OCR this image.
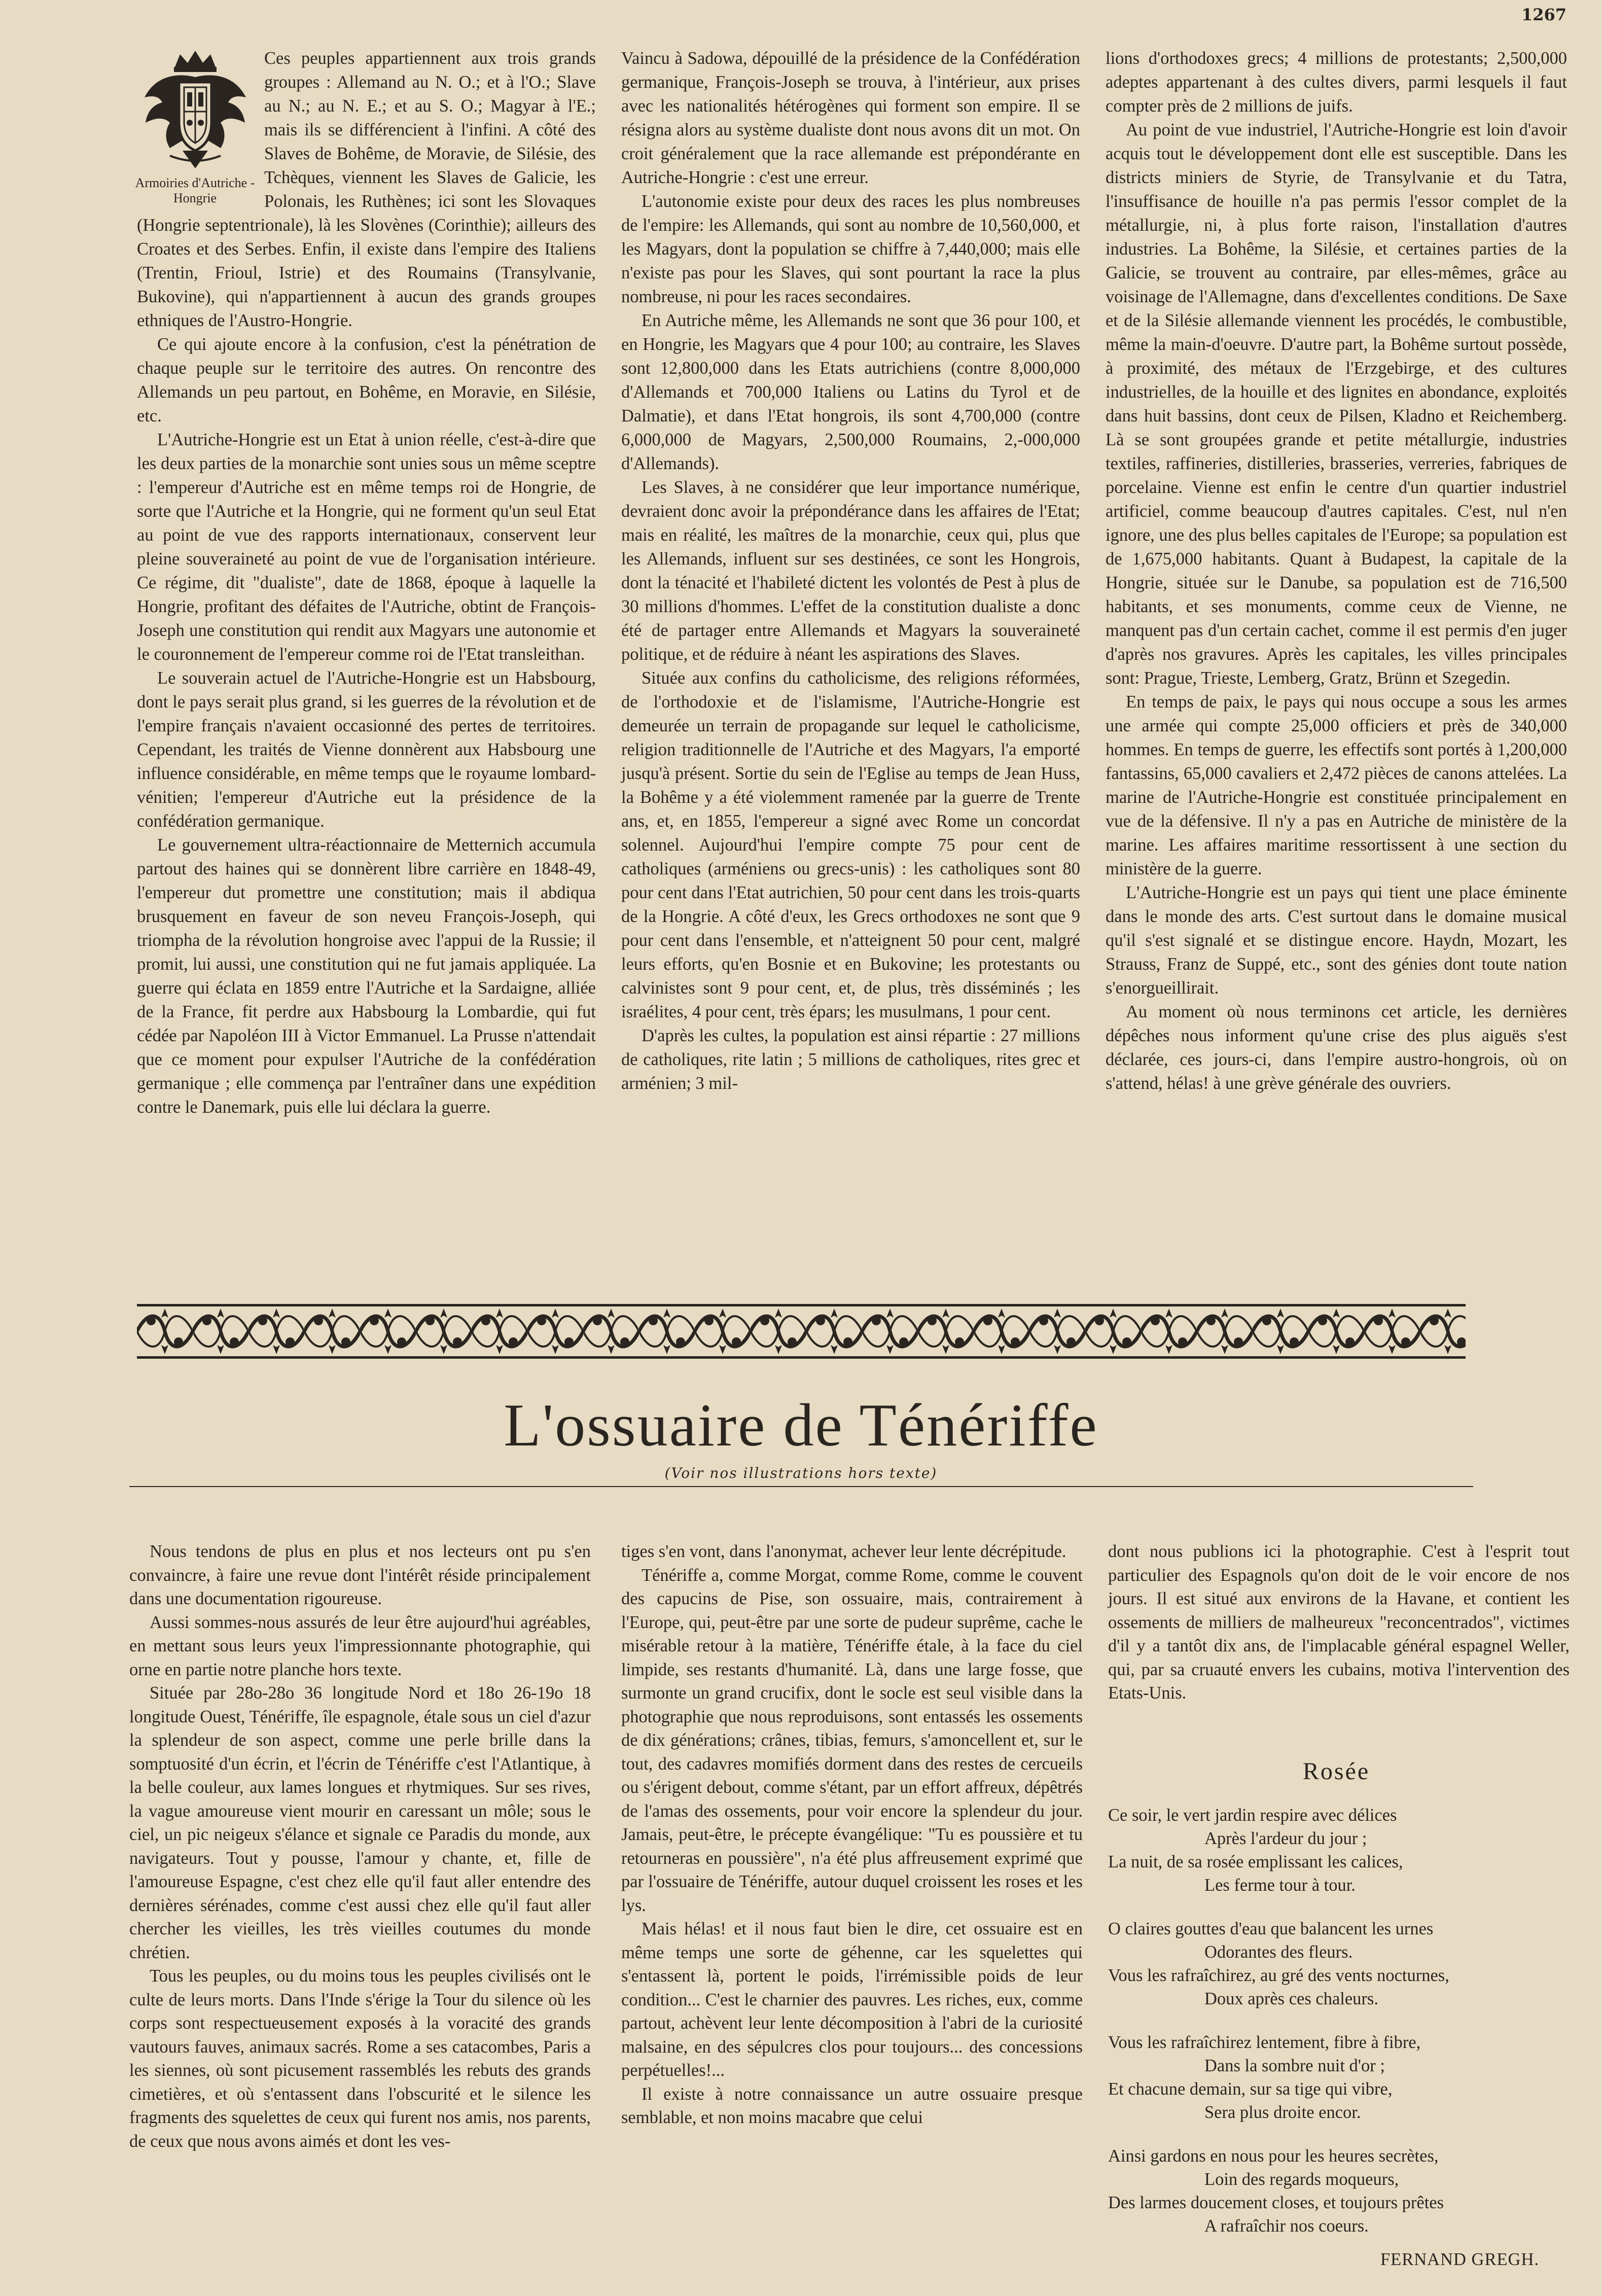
1267
Armoiries d'Autriche - Hongrie

Ces peuples appartiennent aux trois grands groupes : Allemand au N. O.; et à l'O.; Slave au N.; au N. E.; et au S. O.; Magyar à l'E.; mais ils se différencient à l'infini. A côté des Slaves de Bohême, de Moravie, de Silésie, des Tchèques, viennent les Slaves de Galicie, les Polonais, les Ruthènes; ici sont les Slovaques (Hongrie septentrionale), là les Slovènes (Corinthie); ailleurs des Croates et des Serbes. Enfin, il existe dans l'empire des Italiens (Trentin, Frioul, Istrie) et des Roumains (Transylvanie, Bukovine), qui n'appartiennent à aucun des grands groupes ethniques de l'Austro-Hongrie.

Ce qui ajoute encore à la confusion, c'est la pénétration de chaque peuple sur le territoire des autres. On rencontre des Allemands un peu partout, en Bohême, en Moravie, en Silésie, etc.

L'Autriche-Hongrie est un Etat à union réelle, c'est-à-dire que les deux parties de la monarchie sont unies sous un même sceptre : l'empereur d'Autriche est en même temps roi de Hongrie, de sorte que l'Autriche et la Hongrie, qui ne forment qu'un seul Etat au point de vue des rapports internationaux, conservent leur pleine souveraineté au point de vue de l'organisation intérieure. Ce régime, dit "dualiste", date de 1868, époque à laquelle la Hongrie, profitant des défaites de l'Autriche, obtint de François-Joseph une constitution qui rendit aux Magyars une autonomie et le couronnement de l'empereur comme roi de l'Etat transleithan.

Le souverain actuel de l'Autriche-Hongrie est un Habsbourg, dont le pays serait plus grand, si les guerres de la révolution et de l'empire français n'avaient occasionné des pertes de territoires. Cependant, les traités de Vienne donnèrent aux Habsbourg une influence considérable, en même temps que le royaume lombard-vénitien; l'empereur d'Autriche eut la présidence de la confédération germanique.

Le gouvernement ultra-réactionnaire de Metternich accumula partout des haines qui se donnèrent libre carrière en 1848-49, l'empereur dut promettre une constitution; mais il abdiqua brusquement en faveur de son neveu François-Joseph, qui triompha de la révolution hongroise avec l'appui de la Russie; il promit, lui aussi, une constitution qui ne fut jamais appliquée. La guerre qui éclata en 1859 entre l'Autriche et la Sardaigne, alliée de la France, fit perdre aux Habsbourg la Lombardie, qui fut cédée par Napoléon III à Victor Emmanuel. La Prusse n'attendait que ce moment pour expulser l'Autriche de la confédération germanique ; elle commença par l'entraîner dans une expédition contre le Danemark, puis elle lui déclara la guerre.

Vaincu à Sadowa, dépouillé de la présidence de la Confédération germanique, François-Joseph se trouva, à l'intérieur, aux prises avec les nationalités hétérogènes qui forment son empire. Il se résigna alors au système dualiste dont nous avons dit un mot. On croit généralement que la race allemande est prépondérante en Autriche-Hongrie : c'est une erreur.

L'autonomie existe pour deux des races les plus nombreuses de l'empire: les Allemands, qui sont au nombre de 10,560,000, et les Magyars, dont la population se chiffre à 7,440,000; mais elle n'existe pas pour les Slaves, qui sont pourtant la race la plus nombreuse, ni pour les races secondaires.

En Autriche même, les Allemands ne sont que 36 pour 100, et en Hongrie, les Magyars que 4 pour 100; au contraire, les Slaves sont 12,800,000 dans les Etats autrichiens (contre 8,000,000 d'Allemands et 700,000 Italiens ou Latins du Tyrol et de Dalmatie), et dans l'Etat hongrois, ils sont 4,700,000 (contre 6,000,000 de Magyars, 2,500,000 Roumains, 2,-000,000 d'Allemands).

Les Slaves, à ne considérer que leur importance numérique, devraient donc avoir la prépondérance dans les affaires de l'Etat; mais en réalité, les maîtres de la monarchie, ceux qui, plus que les Allemands, influent sur ses destinées, ce sont les Hongrois, dont la ténacité et l'habileté dictent les volontés de Pest à plus de 30 millions d'hommes. L'effet de la constitution dualiste a donc été de partager entre Allemands et Magyars la souveraineté politique, et de réduire à néant les aspirations des Slaves.

Située aux confins du catholicisme, des religions réformées, de l'orthodoxie et de l'islamisme, l'Autriche-Hongrie est demeurée un terrain de propagande sur lequel le catholicisme, religion traditionnelle de l'Autriche et des Magyars, l'a emporté jusqu'à présent. Sortie du sein de l'Eglise au temps de Jean Huss, la Bohême y a été violemment ramenée par la guerre de Trente ans, et, en 1855, l'empereur a signé avec Rome un concordat solennel. Aujourd'hui l'empire compte 75 pour cent de catholiques (arméniens ou grecs-unis) : les catholiques sont 80 pour cent dans l'Etat autrichien, 50 pour cent dans les trois-quarts de la Hongrie. A côté d'eux, les Grecs orthodoxes ne sont que 9 pour cent dans l'ensemble, et n'atteignent 50 pour cent, malgré leurs efforts, qu'en Bosnie et en Bukovine; les protestants ou calvinistes sont 9 pour cent, et, de plus, très disséminés ; les israélites, 4 pour cent, très épars; les musulmans, 1 pour cent.

D'après les cultes, la population est ainsi répartie : 27 millions de catholiques, rite latin ; 5 millions de catholiques, rites grec et arménien; 3 mil-

lions d'orthodoxes grecs; 4 millions de protestants; 2,500,000 adeptes appartenant à des cultes divers, parmi lesquels il faut compter près de 2 millions de juifs.

Au point de vue industriel, l'Autriche-Hongrie est loin d'avoir acquis tout le développement dont elle est susceptible. Dans les districts miniers de Styrie, de Transylvanie et du Tatra, l'insuffisance de houille n'a pas permis l'essor complet de la métallurgie, ni, à plus forte raison, l'installation d'autres industries. La Bohême, la Silésie, et certaines parties de la Galicie, se trouvent au contraire, par elles-mêmes, grâce au voisinage de l'Allemagne, dans d'excellentes conditions. De Saxe et de la Silésie allemande viennent les procédés, le combustible, même la main-d'oeuvre. D'autre part, la Bohême surtout possède, à proximité, des métaux de l'Erzgebirge, et des cultures industrielles, de la houille et des lignites en abondance, exploités dans huit bassins, dont ceux de Pilsen, Kladno et Reichemberg. Là se sont groupées grande et petite métallurgie, industries textiles, raffineries, distilleries, brasseries, verreries, fabriques de porcelaine. Vienne est enfin le centre d'un quartier industriel artificiel, comme beaucoup d'autres capitales. C'est, nul n'en ignore, une des plus belles capitales de l'Europe; sa population est de 1,675,000 habitants. Quant à Budapest, la capitale de la Hongrie, située sur le Danube, sa population est de 716,500 habitants, et ses monuments, comme ceux de Vienne, ne manquent pas d'un certain cachet, comme il est permis d'en juger d'après nos gravures. Après les capitales, les villes principales sont: Prague, Trieste, Lemberg, Gratz, Brünn et Szegedin.

En temps de paix, le pays qui nous occupe a sous les armes une armée qui compte 25,000 officiers et près de 340,000 hommes. En temps de guerre, les effectifs sont portés à 1,200,000 fantassins, 65,000 cavaliers et 2,472 pièces de canons attelées. La marine de l'Autriche-Hongrie est constituée principalement en vue de la défensive. Il n'y a pas en Autriche de ministère de la marine. Les affaires maritime ressortissent à une section du ministère de la guerre.

L'Autriche-Hongrie est un pays qui tient une place éminente dans le monde des arts. C'est surtout dans le domaine musical qu'il s'est signalé et se distingue encore. Haydn, Mozart, les Strauss, Franz de Suppé, etc., sont des génies dont toute nation s'enorgueillirait.

Au moment où nous terminons cet article, les dernières dépêches nous informent qu'une crise des plus aiguës s'est déclarée, ces jours-ci, dans l'empire austro-hongrois, où on s'attend, hélas! à une grève générale des ouvriers.

L'ossuaire de Ténériffe
(Voir nos illustrations hors texte)

Nous tendons de plus en plus et nos lecteurs ont pu s'en convaincre, à faire une revue dont l'intérêt réside principalement dans une documentation rigoureuse.

Aussi sommes-nous assurés de leur être aujourd'hui agréables, en mettant sous leurs yeux l'impressionnante photographie, qui orne en partie notre planche hors texte.

Située par 28o-28o 36 longitude Nord et 18o 26-19o 18 longitude Ouest, Ténériffe, île espagnole, étale sous un ciel d'azur la splendeur de son aspect, comme une perle brille dans la somptuosité d'un écrin, et l'écrin de Ténériffe c'est l'Atlantique, à la belle couleur, aux lames longues et rhytmiques. Sur ses rives, la vague amoureuse vient mourir en caressant un môle; sous le ciel, un pic neigeux s'élance et signale ce Paradis du monde, aux navigateurs. Tout y pousse, l'amour y chante, et, fille de l'amoureuse Espagne, c'est chez elle qu'il faut aller entendre des dernières sérénades, comme c'est aussi chez elle qu'il faut aller chercher les vieilles, les très vieilles coutumes du monde chrétien.

Tous les peuples, ou du moins tous les peuples civilisés ont le culte de leurs morts. Dans l'Inde s'érige la Tour du silence où les corps sont respectueusement exposés à la voracité des grands vautours fauves, animaux sacrés. Rome a ses catacombes, Paris a les siennes, où sont picusement rassemblés les rebuts des grands cimetières, et où s'entassent dans l'obscurité et le silence les fragments des squelettes de ceux qui furent nos amis, nos parents, de ceux que nous avons aimés et dont les ves-

tiges s'en vont, dans l'anonymat, achever leur lente décrépitude.

Ténériffe a, comme Morgat, comme Rome, comme le couvent des capucins de Pise, son ossuaire, mais, contrairement à l'Europe, qui, peut-être par une sorte de pudeur suprême, cache le misérable retour à la matière, Ténériffe étale, à la face du ciel limpide, ses restants d'humanité. Là, dans une large fosse, que surmonte un grand crucifix, dont le socle est seul visible dans la photographie que nous reproduisons, sont entassés les ossements de dix générations; crânes, tibias, femurs, s'amoncellent et, sur le tout, des cadavres momifiés dorment dans des restes de cercueils ou s'érigent debout, comme s'étant, par un effort affreux, dépêtrés de l'amas des ossements, pour voir encore la splendeur du jour. Jamais, peut-être, le précepte évangélique: "Tu es poussière et tu retourneras en poussière", n'a été plus affreusement exprimé que par l'ossuaire de Ténériffe, autour duquel croissent les roses et les lys.

Mais hélas! et il nous faut bien le dire, cet ossuaire est en même temps une sorte de géhenne, car les squelettes qui s'entassent là, portent le poids, l'irrémissible poids de leur condition... C'est le charnier des pauvres. Les riches, eux, comme partout, achèvent leur lente décomposition à l'abri de la curiosité malsaine, en des sépulcres clos pour toujours... des concessions perpétuelles!...

Il existe à notre connaissance un autre ossuaire presque semblable, et non moins macabre que celui

dont nous publions ici la photographie. C'est à l'esprit tout particulier des Espagnols qu'on doit de le voir encore de nos jours. Il est situé aux environs de la Havane, et contient les ossements de milliers de malheureux "reconcentrados", victimes d'il y a tantôt dix ans, de l'implacable général espagnel Weller, qui, par sa cruauté envers les cubains, motiva l'intervention des Etats-Unis.

Rosée
Ce soir, le vert jardin respire avec délices
Après l'ardeur du jour ;
La nuit, de sa rosée emplissant les calices,
Les ferme tour à tour.
O claires gouttes d'eau que balancent les urnes
Odorantes des fleurs.
Vous les rafraîchirez, au gré des vents nocturnes,
Doux après ces chaleurs.
Vous les rafraîchirez lentement, fibre à fibre,
Dans la sombre nuit d'or ;
Et chacune demain, sur sa tige qui vibre,
Sera plus droite encor.
Ainsi gardons en nous pour les heures secrètes,
Loin des regards moqueurs,
Des larmes doucement closes, et toujours prêtes
A rafraîchir nos coeurs.
FERNAND GREGH.
